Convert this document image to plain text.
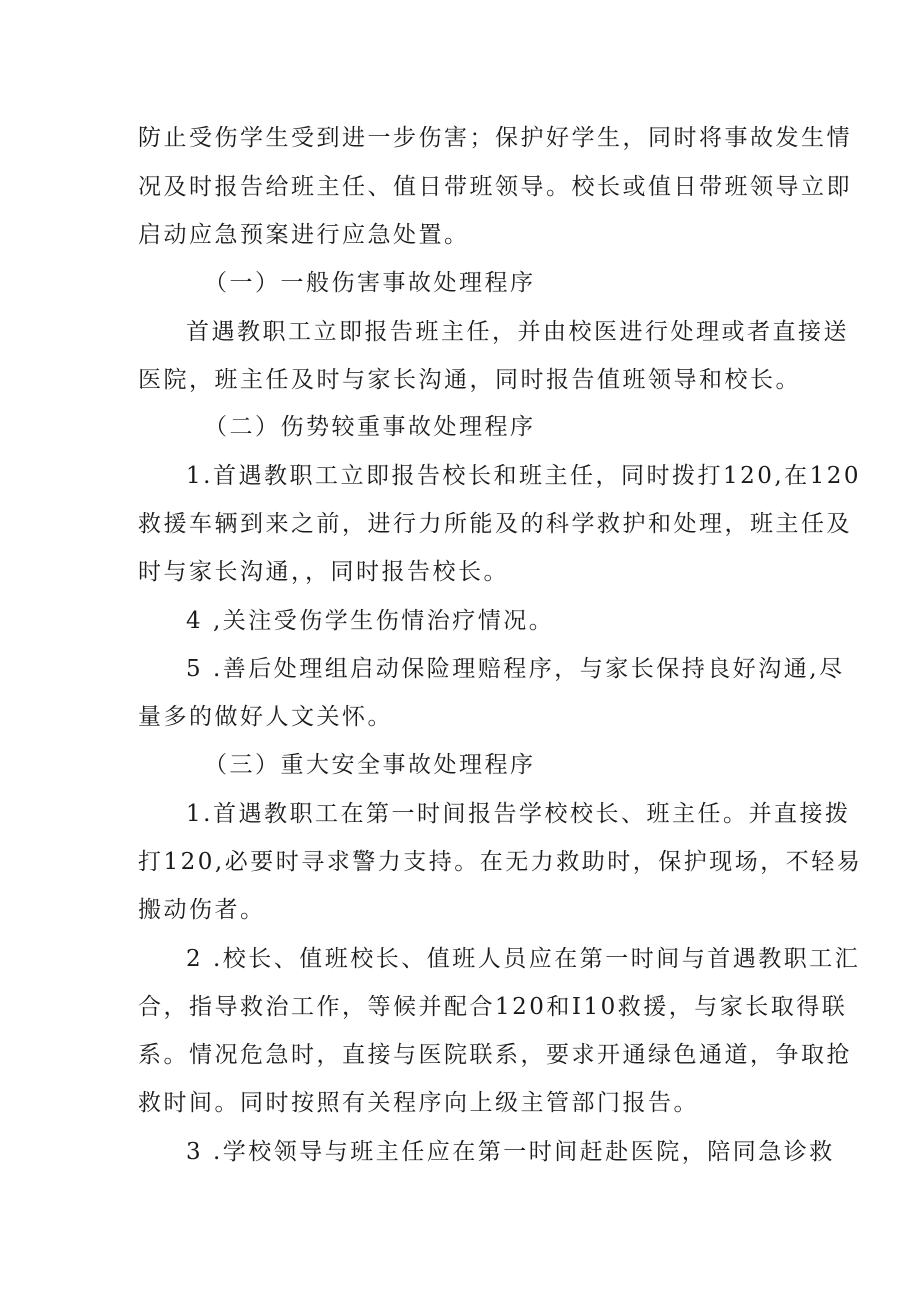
防止受伤学生受到进一步伤害；保护好学生，同时将事故发生情
况及时报告给班主任、值日带班领导。校长或值日带班领导立即
启动应急预案进行应急处置。
（一）一般伤害事故处理程序
首遇教职工立即报告班主任，并由校医进行处理或者直接送
医院，班主任及时与家长沟通，同时报告值班领导和校长。
（二）伤势较重事故处理程序
1.首遇教职工立即报告校长和班主任，同时拨打120,在120
救援车辆到来之前，进行力所能及的科学救护和处理，班主任及
时与家长沟通，，同时报告校长。
4 ,关注受伤学生伤情治疗情况。
5 .善后处理组启动保险理赔程序，与家长保持良好沟通,尽
量多的做好人文关怀。
（三）重大安全事故处理程序
1.首遇教职工在第一时间报告学校校长、班主任。并直接拨
打120,必要时寻求警力支持。在无力救助时，保护现场，不轻易
搬动伤者。
2 .校长、值班校长、值班人员应在第一时间与首遇教职工汇
合，指导救治工作，等候并配合120和I10救援，与家长取得联
系。情况危急时，直接与医院联系，要求开通绿色通道，争取抢
救时间。同时按照有关程序向上级主管部门报告。
3 .学校领导与班主任应在第一时间赶赴医院，陪同急诊救
